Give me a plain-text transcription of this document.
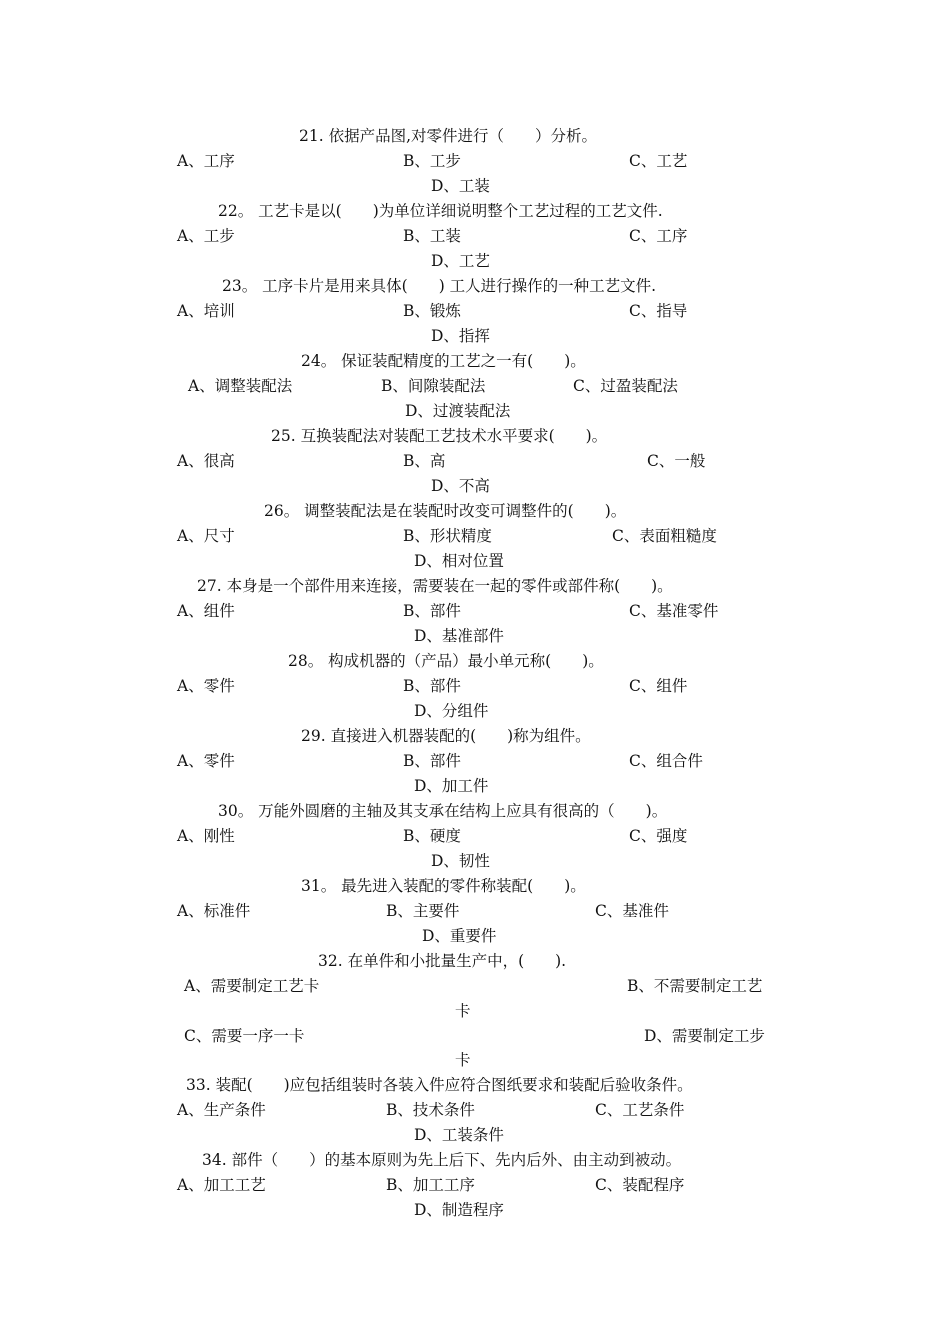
21. 依据产品图,对零件进行（　　）分析。
A、工序	B、工步	C、工艺
D、工装
22。 工艺卡是以(　　)为单位详细说明整个工艺过程的工艺文件.
A、工步	B、工装	C、工序
D、工艺
23。 工序卡片是用来具体(　　) 工人进行操作的一种工艺文件.
A、培训	B、锻炼	C、指导
D、指挥
24。 保证装配精度的工艺之一有(　　)。
A、调整装配法	B、间隙装配法	C、过盈装配法
D、过渡装配法
25. 互换装配法对装配工艺技术水平要求(　　)。
A、很高	B、高	C、一般
D、不高
26。 调整装配法是在装配时改变可调整件的(　　)。
A、尺寸	B、形状精度	C、表面粗糙度
D、相对位置
27. 本身是一个部件用来连接，需要装在一起的零件或部件称(　　)。
A、组件	B、部件	C、基准零件
D、基准部件
28。 构成机器的（产品）最小单元称(　　)。
A、零件	B、部件	C、组件
D、分组件
29. 直接进入机器装配的(　　)称为组件。
A、零件	B、部件	C、组合件
D、加工件
30。 万能外圆磨的主轴及其支承在结构上应具有很高的（　　)。
A、刚性	B、硬度	C、强度
D、韧性
31。 最先进入装配的零件称装配(　　)。
A、标准件	B、主要件	C、基准件
D、重要件
32. 在单件和小批量生产中，(　　).
A、需要制定工艺卡	B、不需要制定工艺
卡
C、需要一序一卡	D、需要制定工步
卡
33. 装配(　　)应包括组装时各装入件应符合图纸要求和装配后验收条件。
A、生产条件	B、技术条件	C、工艺条件
D、工装条件
34. 部件（　　）的基本原则为先上后下、先内后外、由主动到被动。
A、加工工艺	B、加工工序	C、装配程序
D、制造程序
